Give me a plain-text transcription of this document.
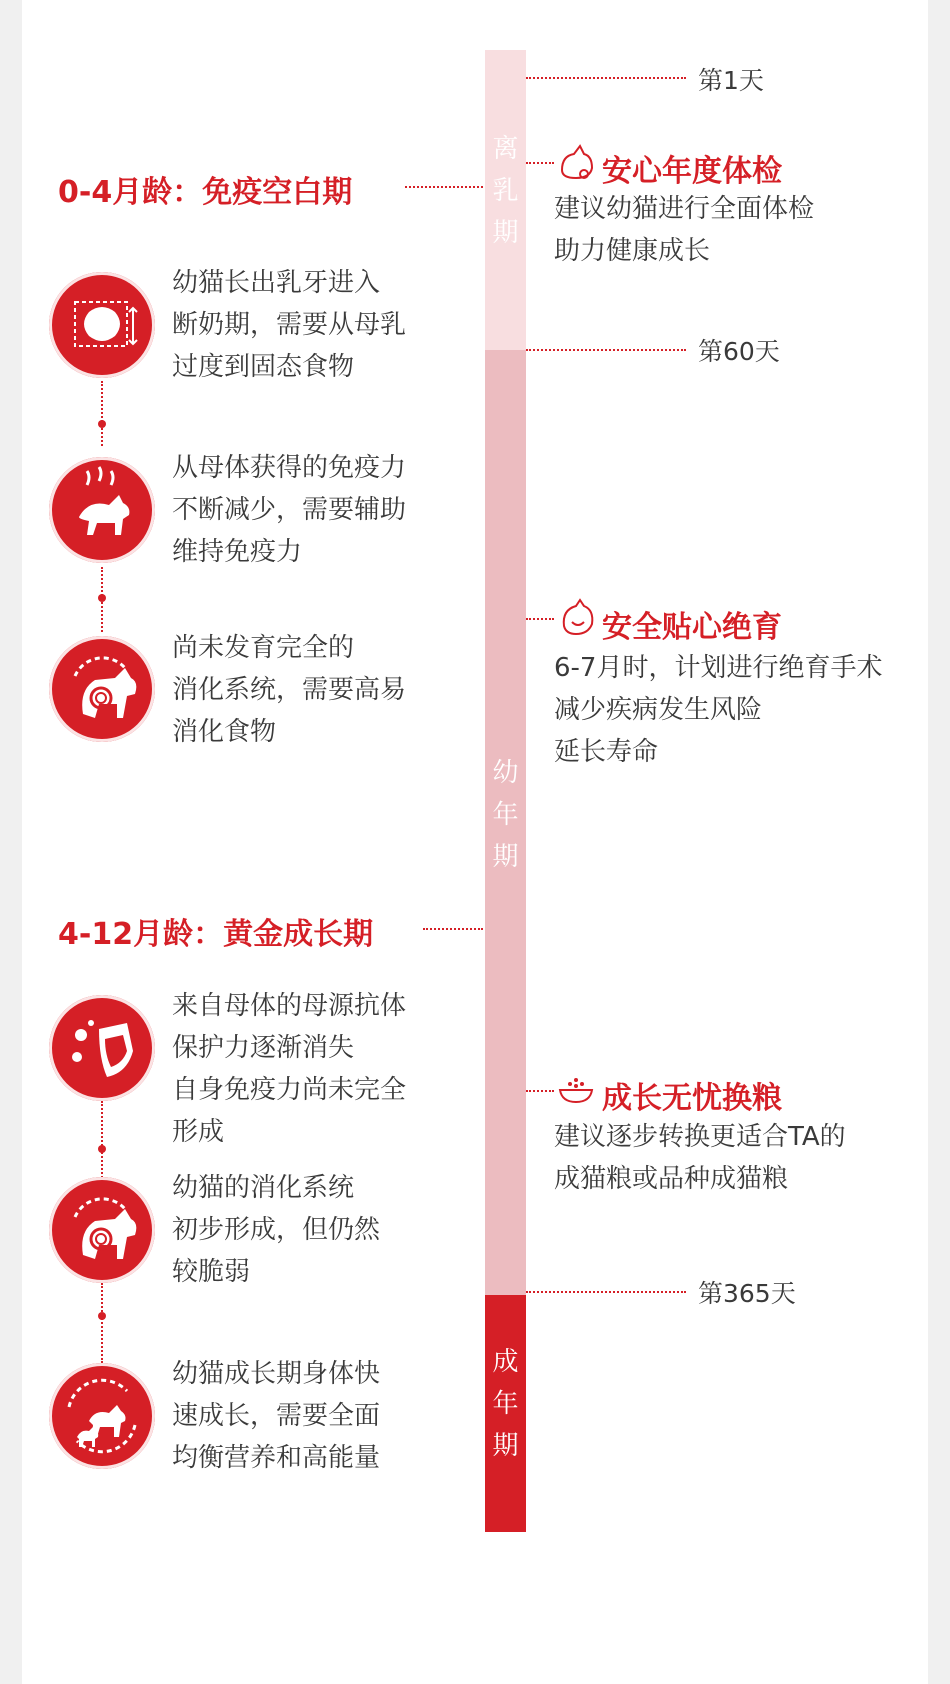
离乳期
幼年期
成年期
第1天
第60天
第365天
0-4月龄：免疫空白期
幼猫长出乳牙进入
断奶期，需要从母乳
过度到固态食物
从母体获得的免疫力
不断减少，需要辅助
维持免疫力
尚未发育完全的
消化系统，需要高易
消化食物
4-12月龄：黄金成长期
来自母体的母源抗体
保护力逐渐消失
自身免疫力尚未完全
形成
幼猫的消化系统
初步形成，但仍然
较脆弱
幼猫成长期身体快
速成长，需要全面
均衡营养和高能量
安心年度体检
建议幼猫进行全面体检
助力健康成长
安全贴心绝育
6-7月时，计划进行绝育手术
减少疾病发生风险
延长寿命
成长无忧换粮
建议逐步转换更适合TA的
成猫粮或品种成猫粮
